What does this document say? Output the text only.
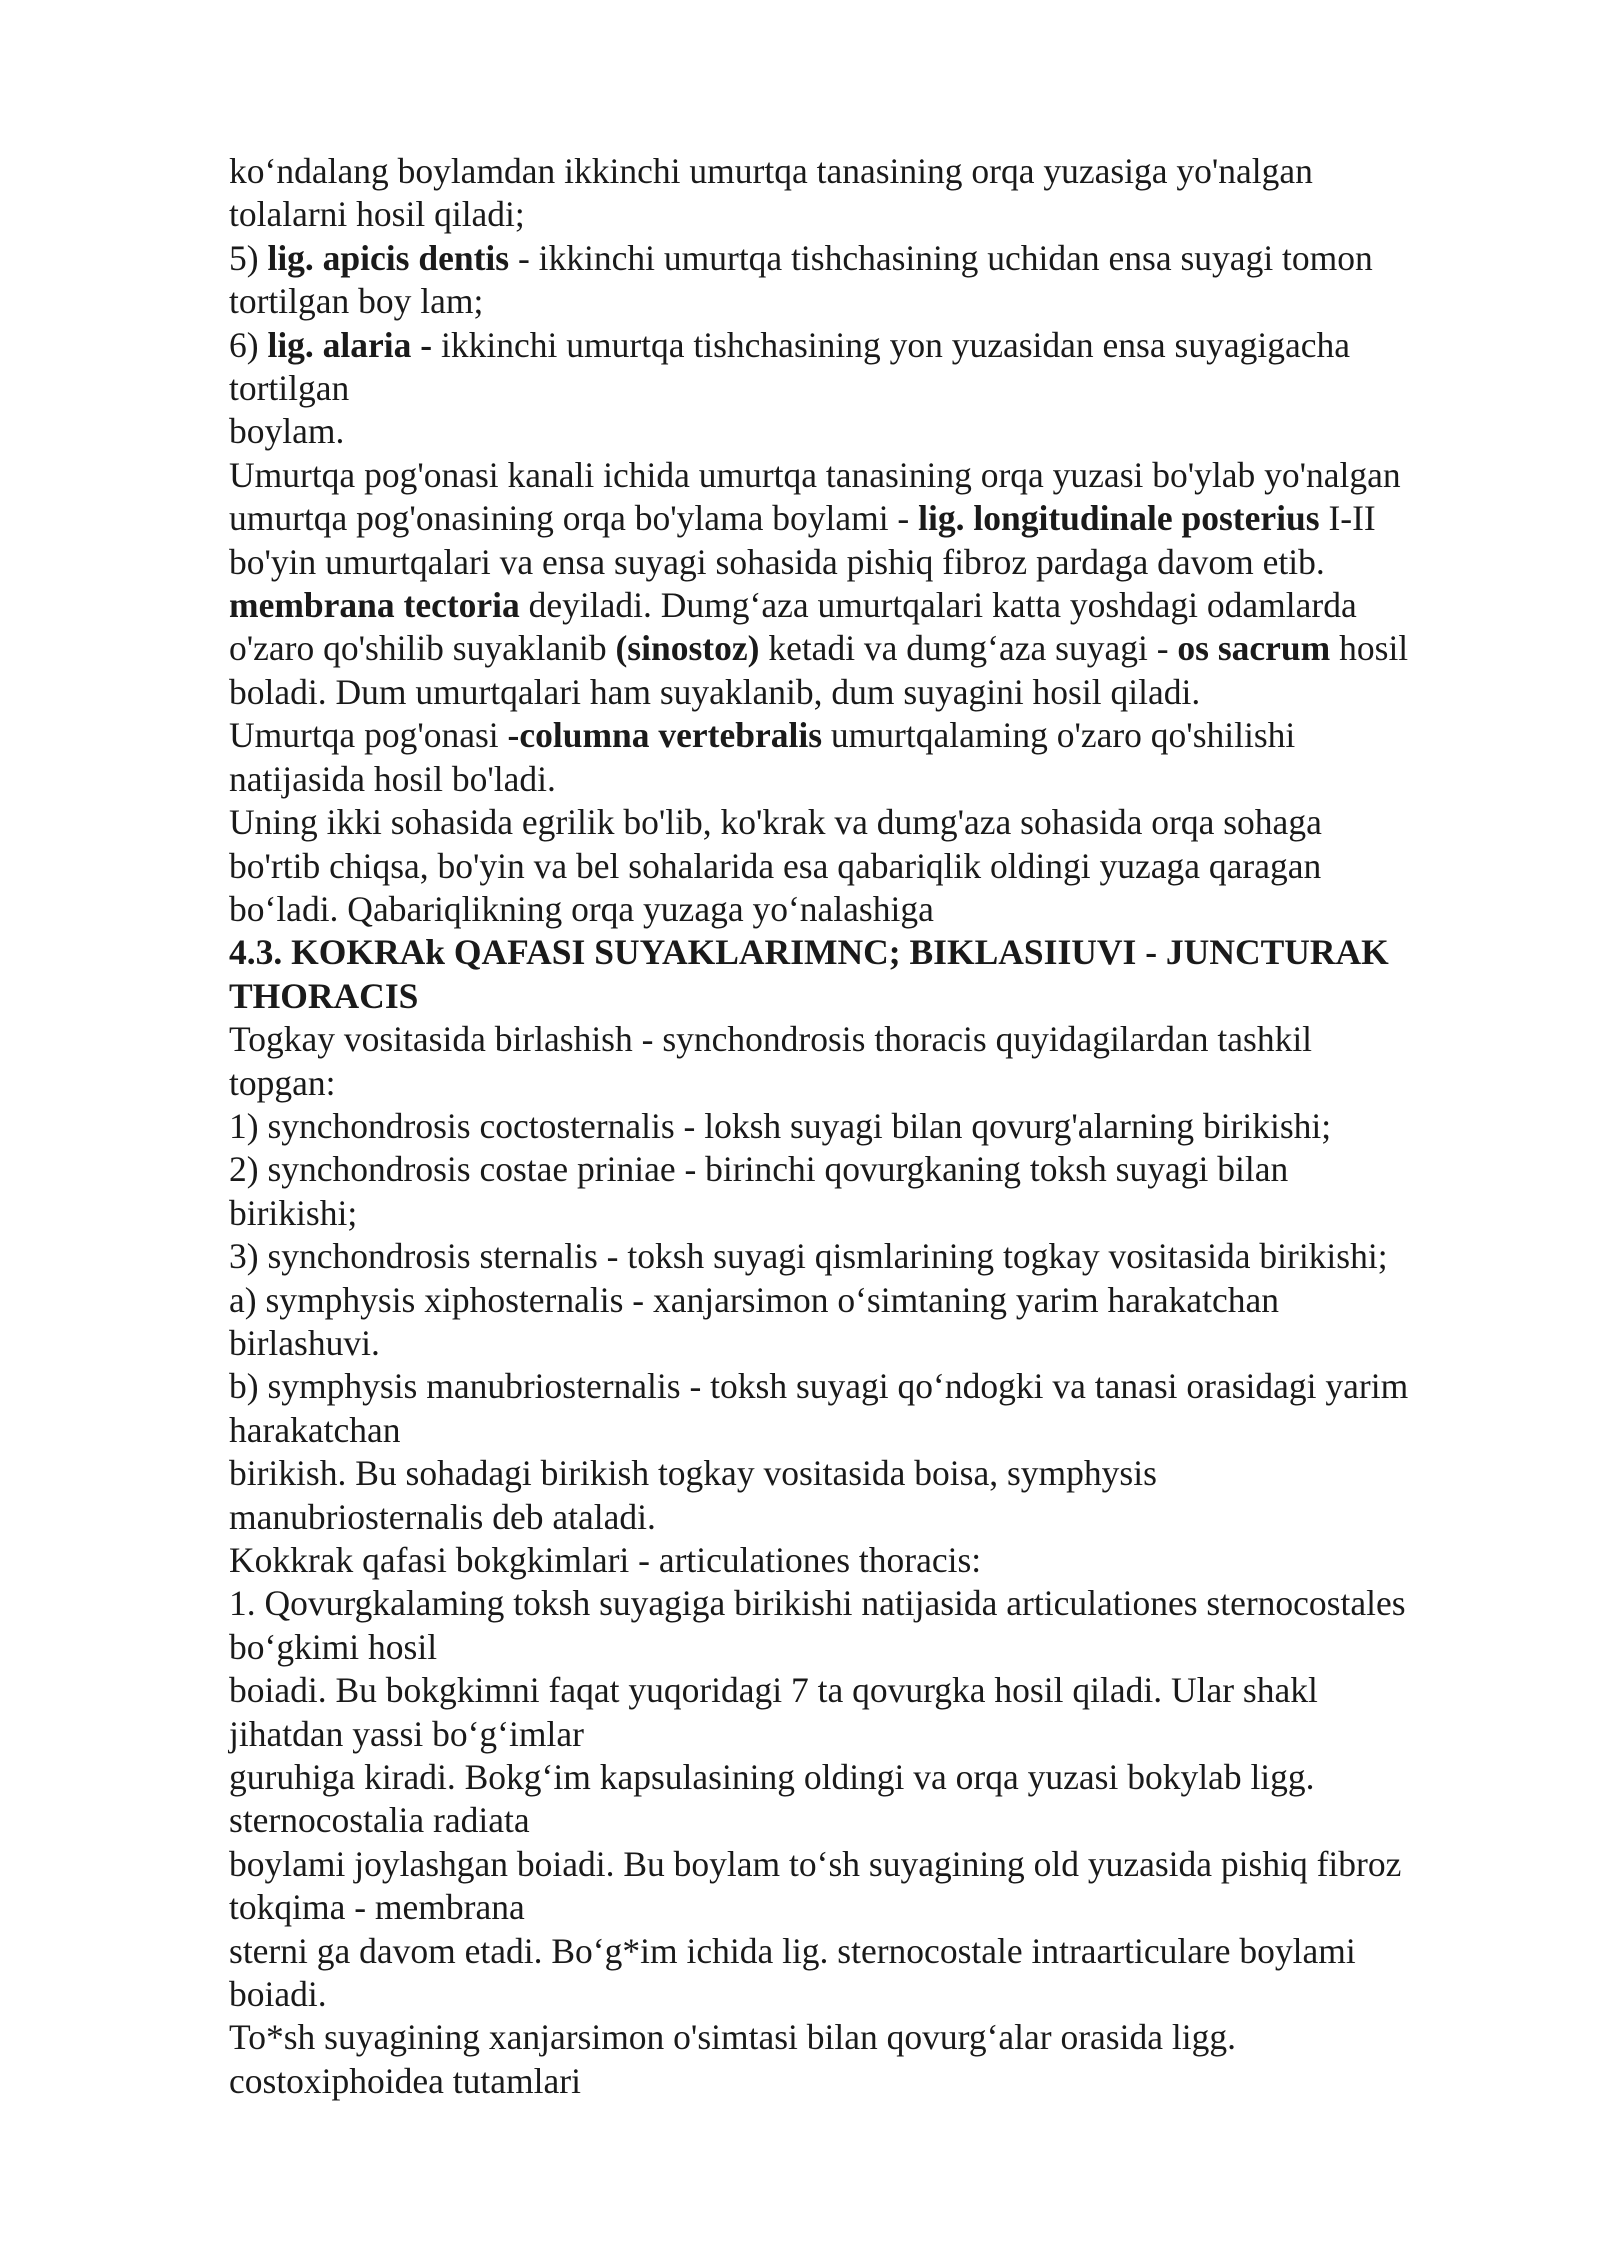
ko‘ndalang boylamdan ikkinchi umurtqa tanasining orqa yuzasiga yo'nalgan
tolalarni hosil qiladi;
5) lig. apicis dentis - ikkinchi umurtqa tishchasining uchidan ensa suyagi tomon
tortilgan boy lam;
6) lig. alaria - ikkinchi umurtqa tishchasining yon yuzasidan ensa suyagigacha
tortilgan
boylam.
Umurtqa pog'onasi kanali ichida umurtqa tanasining orqa yuzasi bo'ylab yo'nalgan
umurtqa pog'onasining orqa bo'ylama boylami - lig. longitudinale posterius I-II
bo'yin umurtqalari va ensa suyagi sohasida pishiq fibroz pardaga davom etib.
membrana tectoria deyiladi. Dumg‘aza umurtqalari katta yoshdagi odamlarda
o'zaro qo'shilib suyaklanib (sinostoz) ketadi va dumg‘aza suyagi - os sacrum hosil
boladi. Dum umurtqalari ham suyaklanib, dum suyagini hosil qiladi.
Umurtqa pog'onasi -columna vertebralis umurtqalaming o'zaro qo'shilishi
natijasida hosil bo'ladi.
Uning ikki sohasida egrilik bo'lib, ko'krak va dumg'aza sohasida orqa sohaga
bo'rtib chiqsa, bo'yin va bel sohalarida esa qabariqlik oldingi yuzaga qaragan
bo‘ladi. Qabariqlikning orqa yuzaga yo‘nalashiga
4.3. KOKRAk QAFASI SUYAKLARIMNC; BIKLASIIUVI - JUNCTURAK
THORACIS
Togkay vositasida birlashish - synchondrosis thoracis quyidagilardan tashkil
topgan:
1) synchondrosis coctosternalis - loksh suyagi bilan qovurg'alarning birikishi;
2) synchondrosis costae priniae - birinchi qovurgkaning toksh suyagi bilan
birikishi;
3) synchondrosis sternalis - toksh suyagi qismlarining togkay vositasida birikishi;
a) symphysis xiphosternalis - xanjarsimon o‘simtaning yarim harakatchan
birlashuvi.
b) symphysis manubriosternalis - toksh suyagi qo‘ndogki va tanasi orasidagi yarim
harakatchan
birikish. Bu sohadagi birikish togkay vositasida boisa, symphysis
manubriosternalis deb ataladi.
Kokkrak qafasi bokgkimlari - articulationes thoracis:
1. Qovurgkalaming toksh suyagiga birikishi natijasida articulationes sternocostales
bo‘gkimi hosil
boiadi. Bu bokgkimni faqat yuqoridagi 7 ta qovurgka hosil qiladi. Ular shakl
jihatdan yassi bo‘g‘imlar
guruhiga kiradi. Bokg‘im kapsulasining oldingi va orqa yuzasi bokylab ligg.
sternocostalia radiata
boylami joylashgan boiadi. Bu boylam to‘sh suyagining old yuzasida pishiq fibroz
tokqima - membrana
sterni ga davom etadi. Bo‘g*im ichida lig. sternocostale intraarticulare boylami
boiadi.
To*sh suyagining xanjarsimon o'simtasi bilan qovurg‘alar orasida ligg.
costoxiphoidea tutamlari
